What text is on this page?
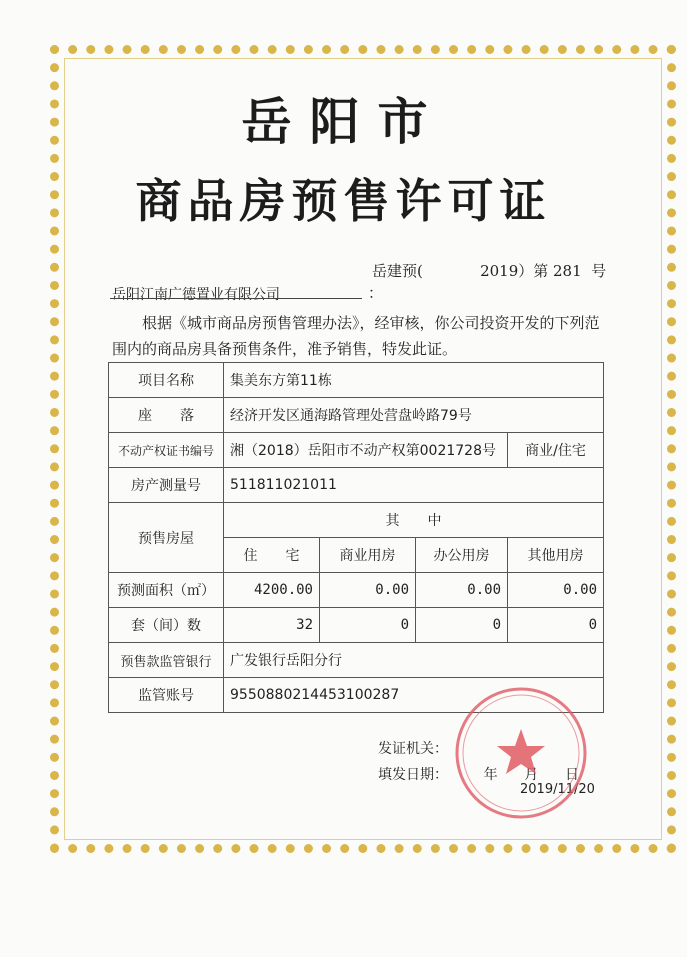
岳阳市
商品房预售许可证
岳建预(            2019）第 281  号
岳阳江南广德置业有限公司	：
根据《城市商品房预售管理办法》，经审核，你公司投资开发的下列范围内的商品房具备预售条件，准予销售，特发此证。
项目名称	集美东方第11栋			
座　　落	经济开发区通海路管理处营盘岭路79号			
不动产权证书编号	湘（2018）岳阳市不动产权第0021728号			商业/住宅
房产测量号	511811021011			
预售房屋	其　　中			
	住　　宅	商业用房	办公用房	其他用房
预测面积（㎡）	4200.00	0.00	0.00	0.00
套（间）数	32	0	0	0
预售款监管银行	广发银行岳阳分行			
监管账号	9550880214453100287			
发证机关：
填发日期：        年      月      日
2019/11/20
